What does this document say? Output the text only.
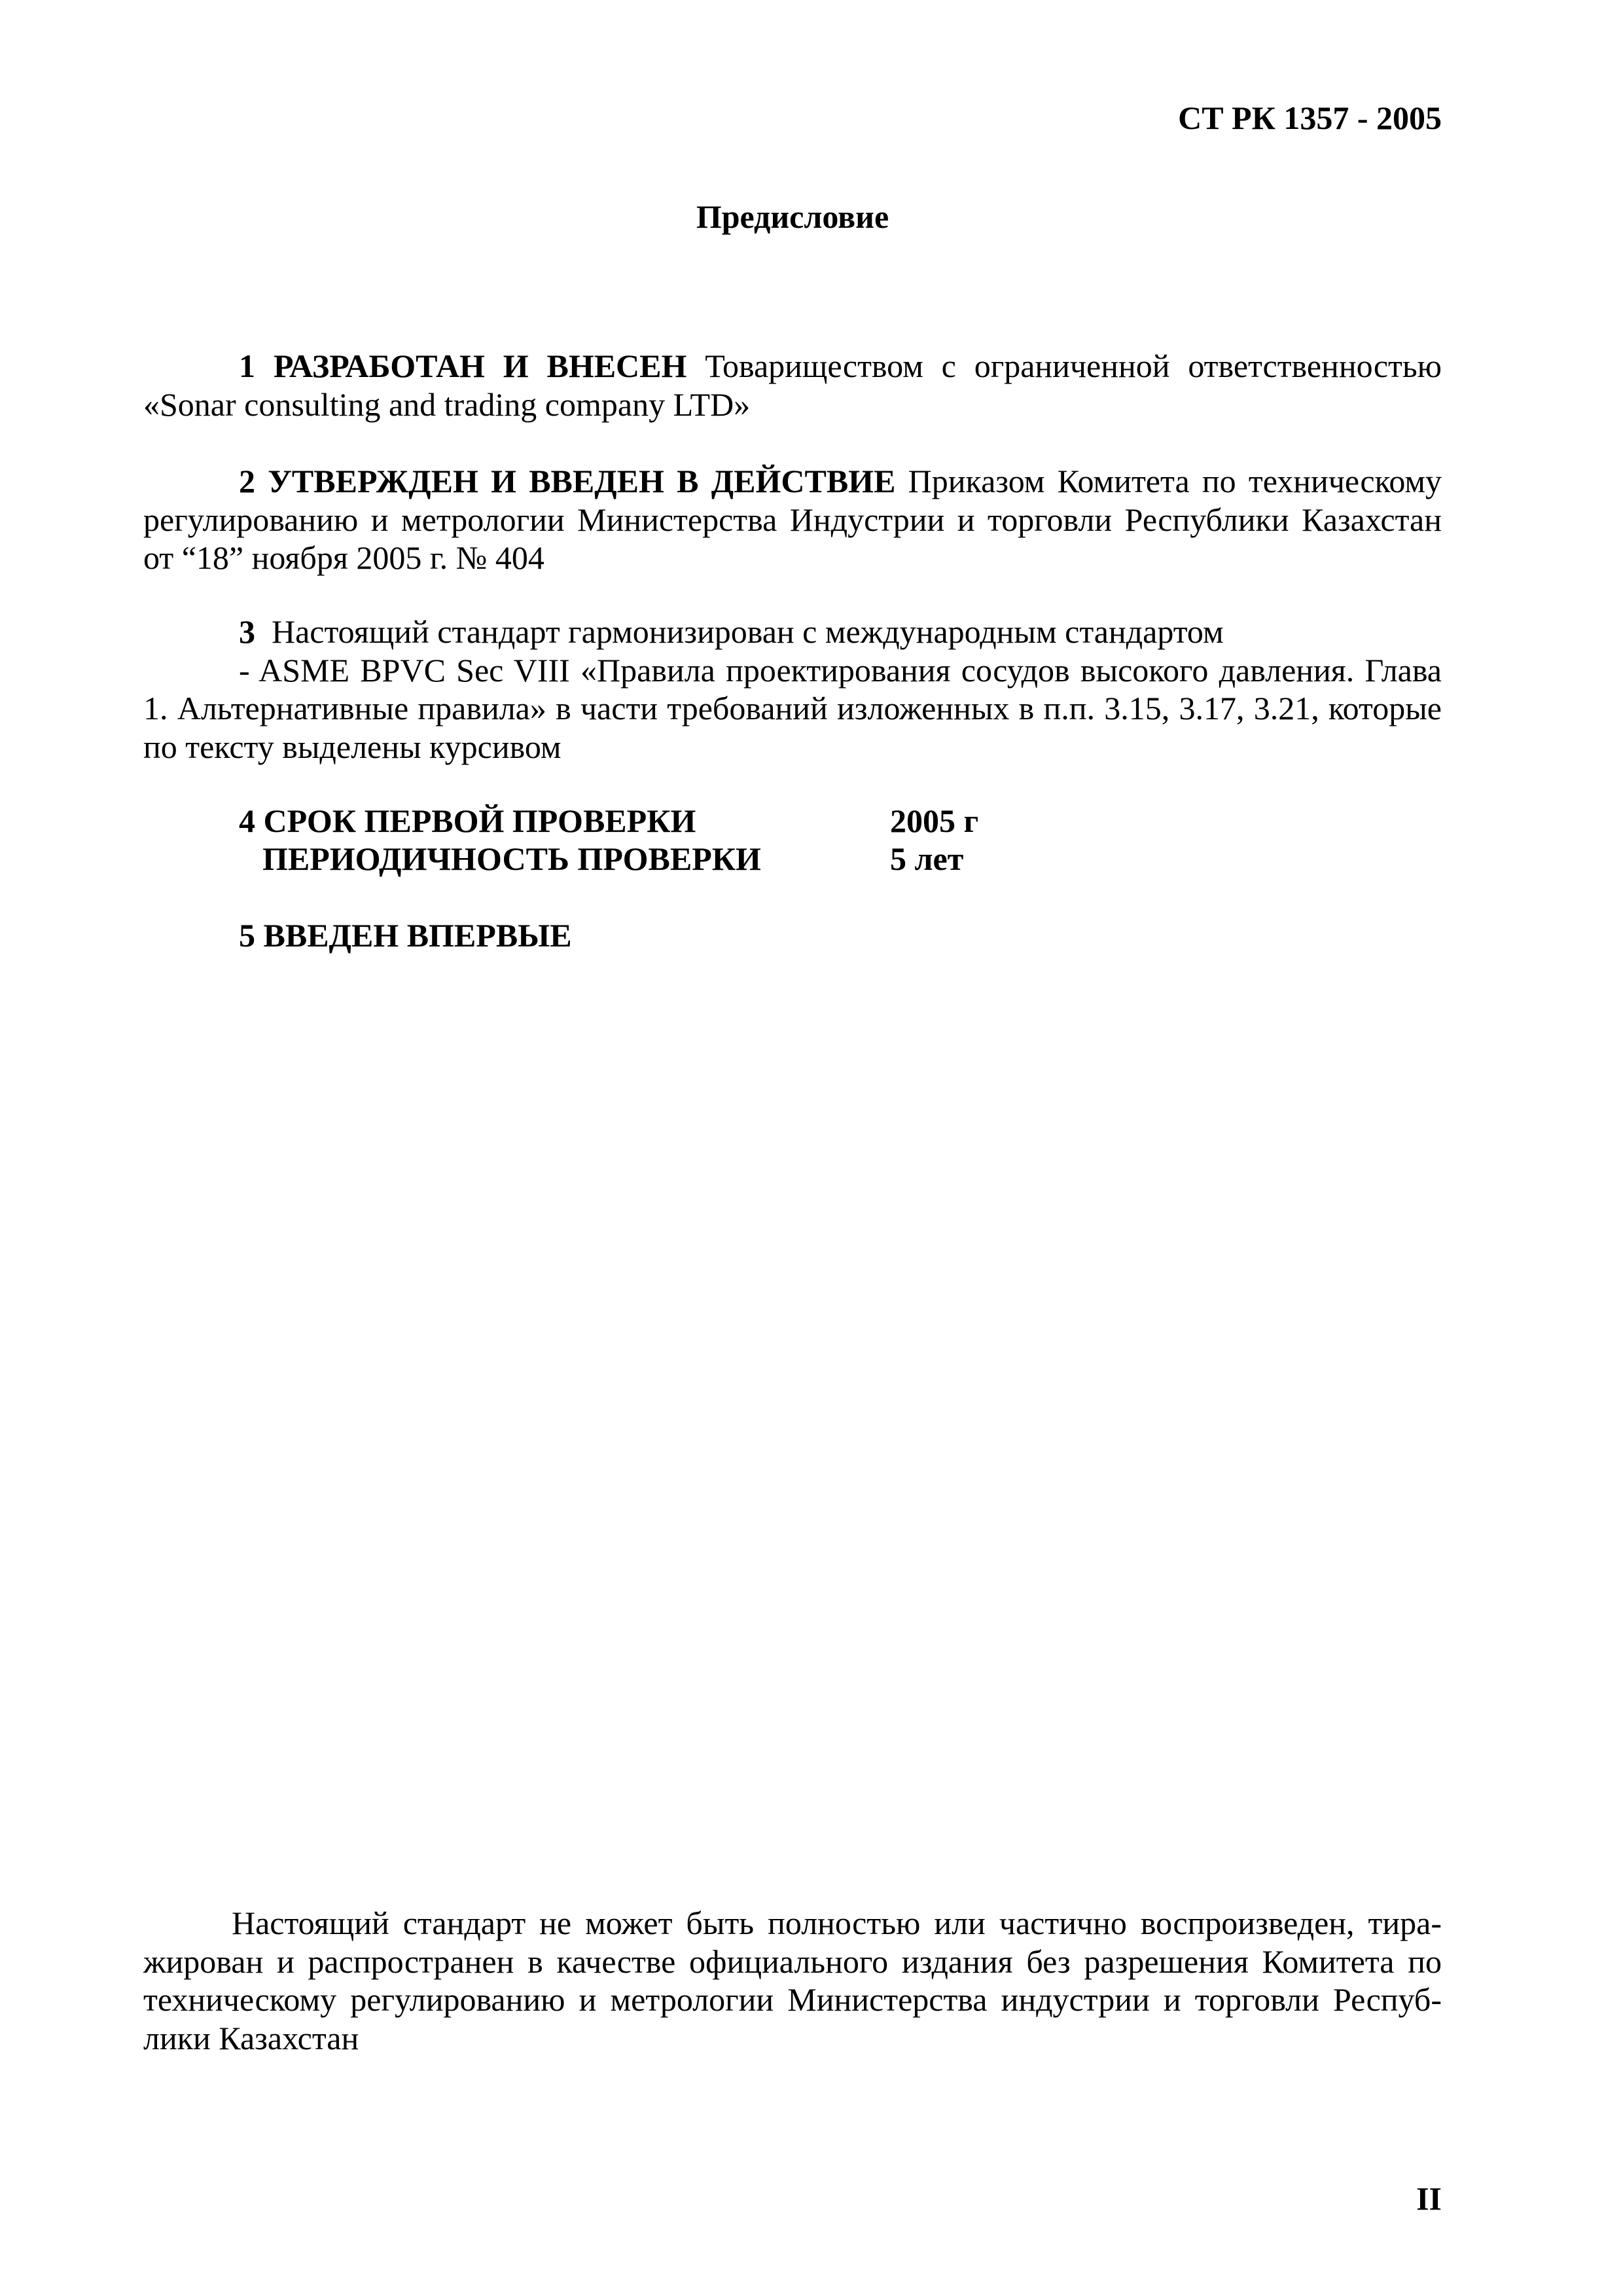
СТ РК 1357 - 2005
Предисловие
1 РАЗРАБОТАН И ВНЕСЕН Товариществом с ограниченной ответственностью
«Sonar consulting and trading company LTD»
2 УТВЕРЖДЕН И ВВЕДЕН В ДЕЙСТВИЕ Приказом Комитета по техническому
регулированию и метрологии Министерства Индустрии и торговли Республики Казахстан
от “18” ноября 2005 г. № 404
3 Настоящий стандарт гармонизирован с международным стандартом
- ASME BPVC Sec VIII «Правила проектирования сосудов высокого давления. Глава
1. Альтернативные правила» в части требований изложенных в п.п. 3.15, 3.17, 3.21, которые
по тексту выделены курсивом
4 СРОК ПЕРВОЙ ПРОВЕРКИ	2005 г
ПЕРИОДИЧНОСТЬ ПРОВЕРКИ	5 лет
5 ВВЕДЕН ВПЕРВЫЕ
Настоящий стандарт не может быть полностью или частично воспроизведен, тира-
жирован и распространен в качестве официального издания без разрешения Комитета по
техническому регулированию и метрологии Министерства индустрии и торговли Респуб-
лики Казахстан
II
